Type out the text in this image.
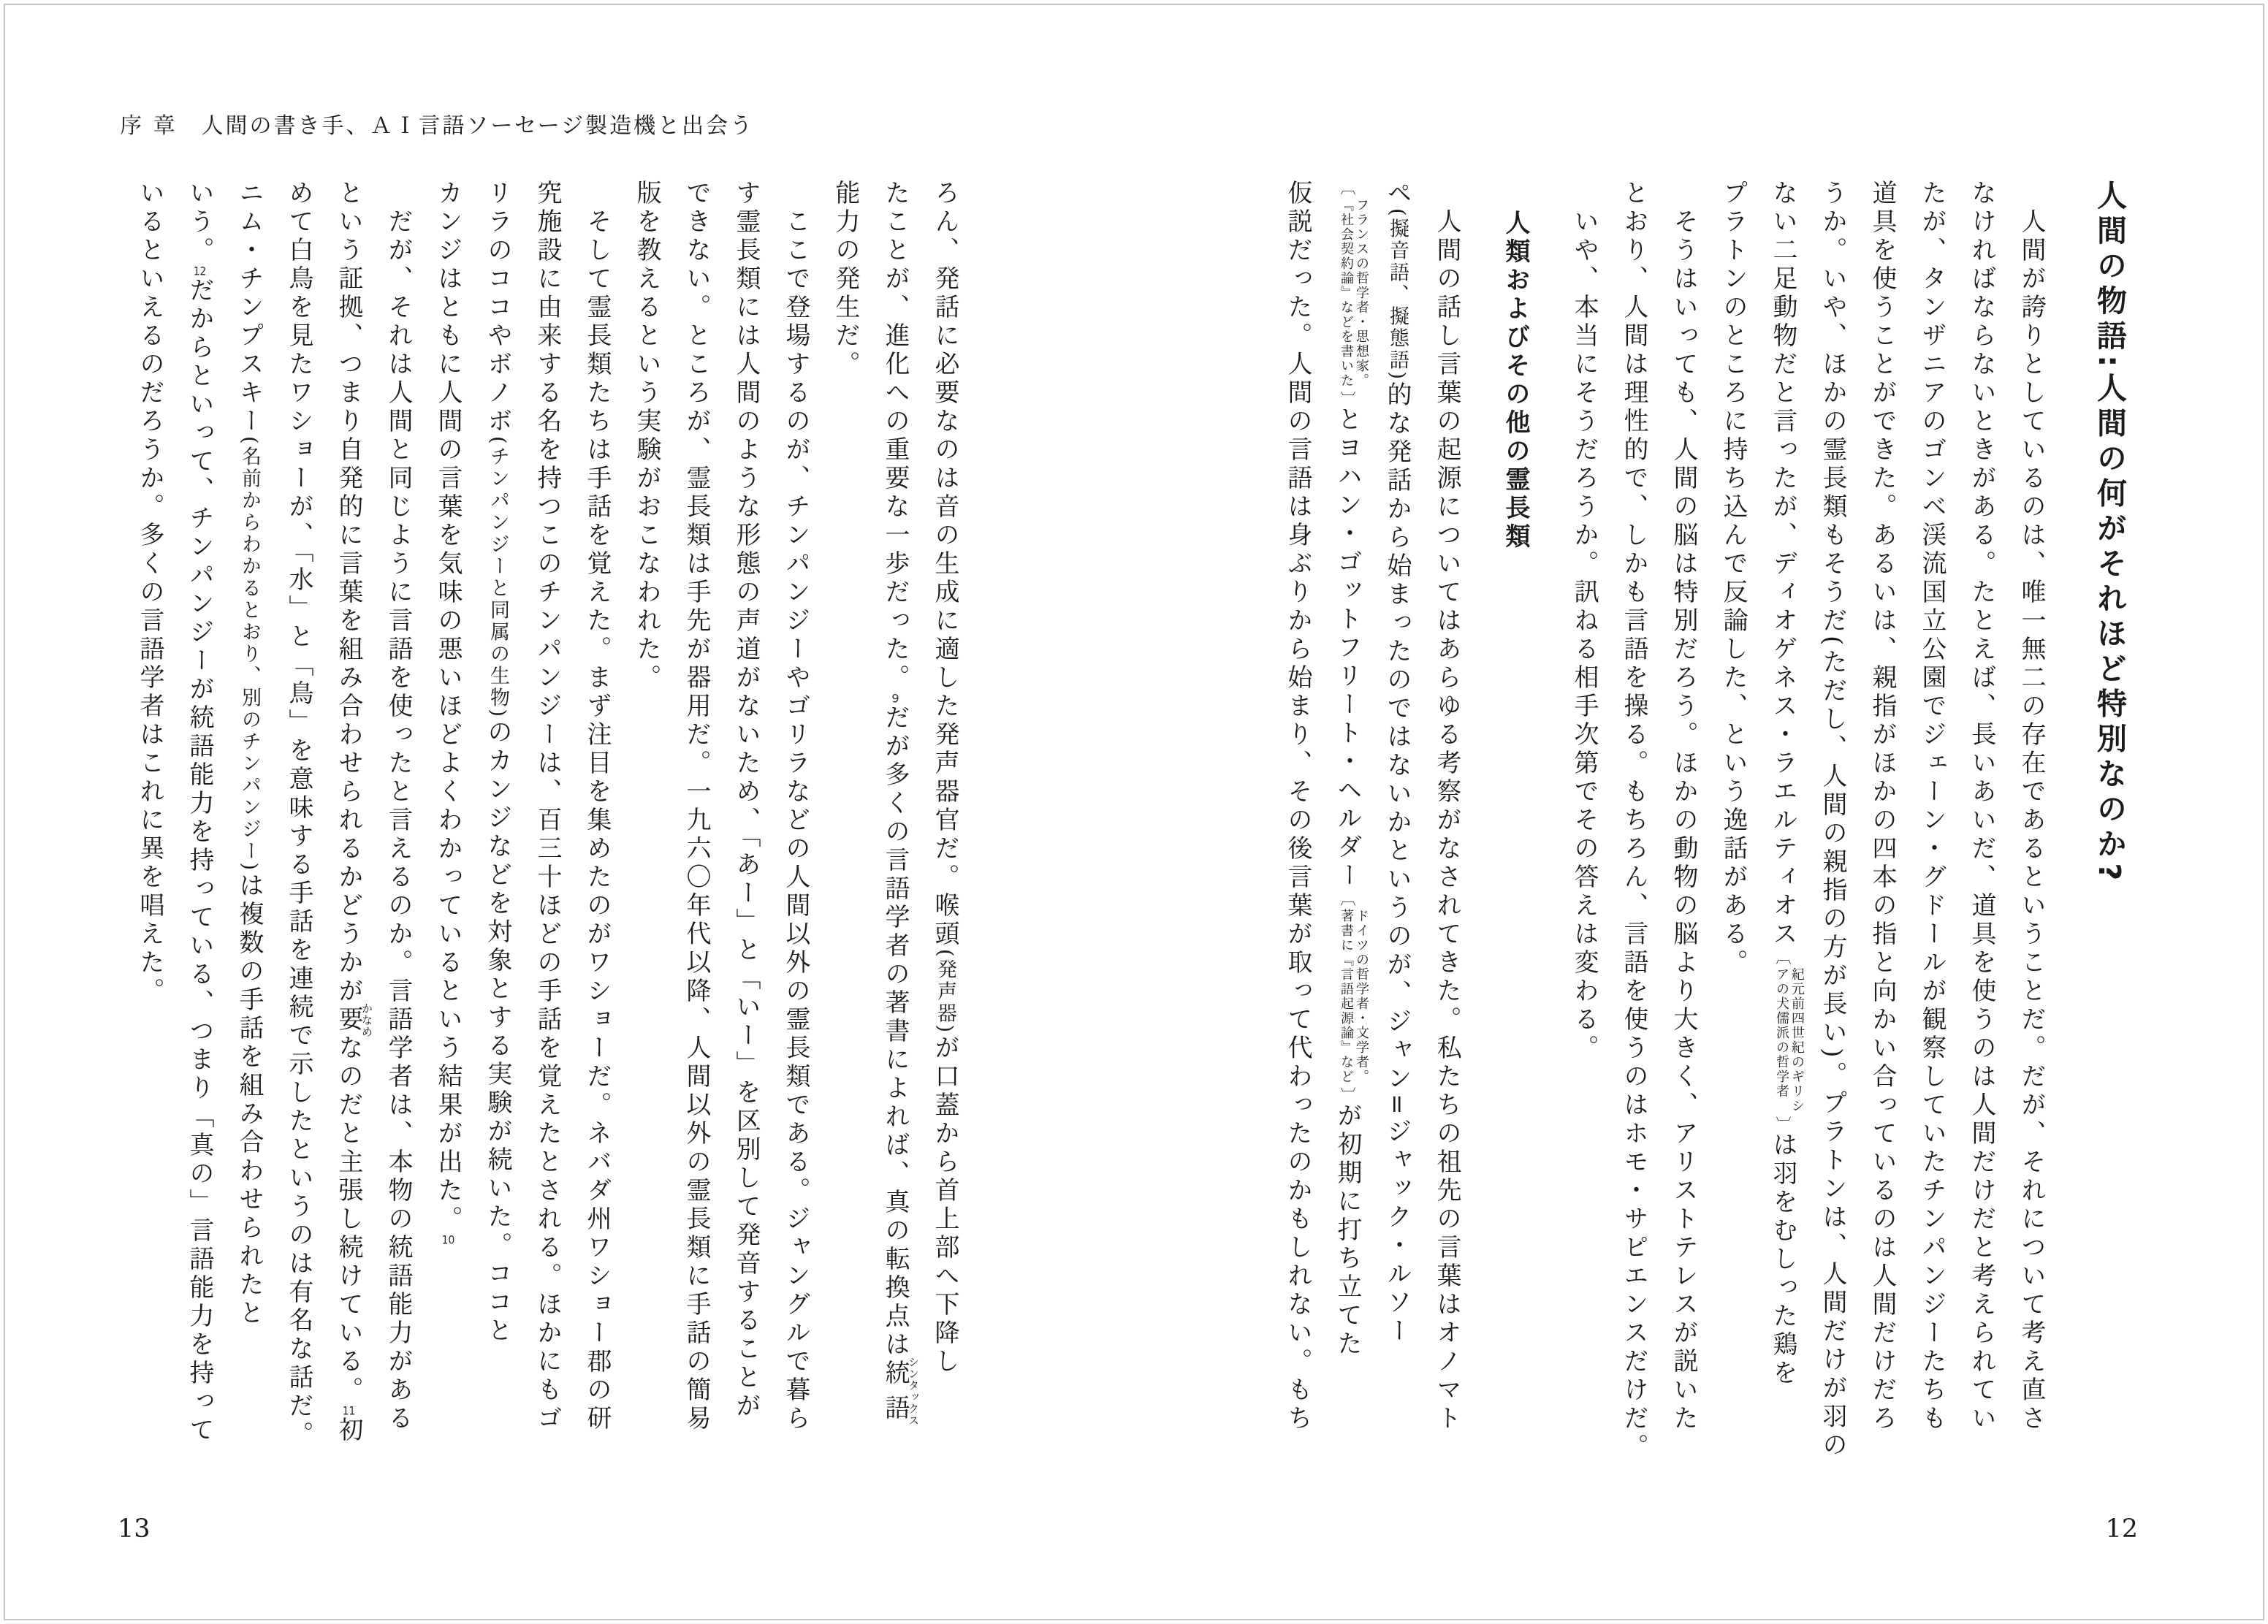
人間の物語:人間の何がそれほど特別なのか?
　人間が誇りとしているのは、唯一無二の存在であるということだ。だが、それについて考え直さ
なければならないときがある。たとえば、長いあいだ、道具を使うのは人間だけだと考えられてい
たが、タンザニアのゴンベ渓流国立公園でジェーン・グドールが観察していたチンパンジーたちも
道具を使うことができた。あるいは、親指がほかの四本の指と向かい合っているのは人間だけだろ
うか。いや、ほかの霊長類もそうだ(ただし、人間の親指の方が長い)。プラトンは、人間だけが羽の
ない二足動物だと言ったが、ディオゲネス・ラエルティオス〔
紀元前四世紀のギリシ
アの犬儒派の哲学者
〕は羽をむしった鶏を
プラトンのところに持ち込んで反論した、という逸話がある。
　そうはいっても、人間の脳は特別だろう。ほかの動物の脳より大きく、アリストテレスが説いた
とおり、人間は理性的で、しかも言語を操る。もちろん、言語を使うのはホモ・サピエンスだけだ。
　いや、本当にそうだろうか。訊ねる相手次第でその答えは変わる。
人類およびその他の霊長類
　人間の話し言葉の起源についてはあらゆる考察がなされてきた。私たちの祖先の言葉はオノマト
ペ(擬音語、擬態語)的な発話から始まったのではないかというのが、ジャン=ジャック・ルソー
〔
フランスの哲学者・思想家。
『社会契約論』などを書いた
〕とヨハン・ゴットフリート・ヘルダー〔
ドイツの哲学者・文学者。
著書に『言語起源論』など
〕が初期に打ち立てた
仮説だった。人間の言語は身ぶりから始まり、その後言葉が取って代わったのかもしれない。もち
12
序 章　人間の書き手、ＡＩ言語ソーセージ製造機と出会う
ろん、発話に必要なのは音の生成に適した発声器官だ。喉頭(発声器)が口蓋から首上部へ下降し
たことが、進化への重要な一歩だった。9だが多くの言語学者の著書によれば、真の転換点は統語シンタックス
能力の発生だ。
　ここで登場するのが、チンパンジーやゴリラなどの人間以外の霊長類である。ジャングルで暮ら
す霊長類には人間のような形態の声道がないため、「あー」と「いー」を区別して発音することが
できない。ところが、霊長類は手先が器用だ。一九六〇年代以降、人間以外の霊長類に手話の簡易
版を教えるという実験がおこなわれた。
　そして霊長類たちは手話を覚えた。まず注目を集めたのがワショーだ。ネバダ州ワショー郡の研
究施設に由来する名を持つこのチンパンジーは、百三十ほどの手話を覚えたとされる。ほかにもゴ
リラのココやボノボ(チンパンジーと同属の生物)のカンジなどを対象とする実験が続いた。ココと
カンジはともに人間の言葉を気味の悪いほどよくわかっているという結果が出た。10
　だが、それは人間と同じように言語を使ったと言えるのか。言語学者は、本物の統語能力がある
という証拠、つまり自発的に言葉を組み合わせられるかどうかが要かなめなのだと主張し続けている。11初
めて白鳥を見たワショーが、「水」と「鳥」を意味する手話を連続で示したというのは有名な話だ。
ニム・チンプスキー(名前からわかるとおり、別のチンパンジー)は複数の手話を組み合わせられたと
いう。12だからといって、チンパンジーが統語能力を持っている、つまり「真の」言語能力を持って
いるといえるのだろうか。多くの言語学者はこれに異を唱えた。
13
